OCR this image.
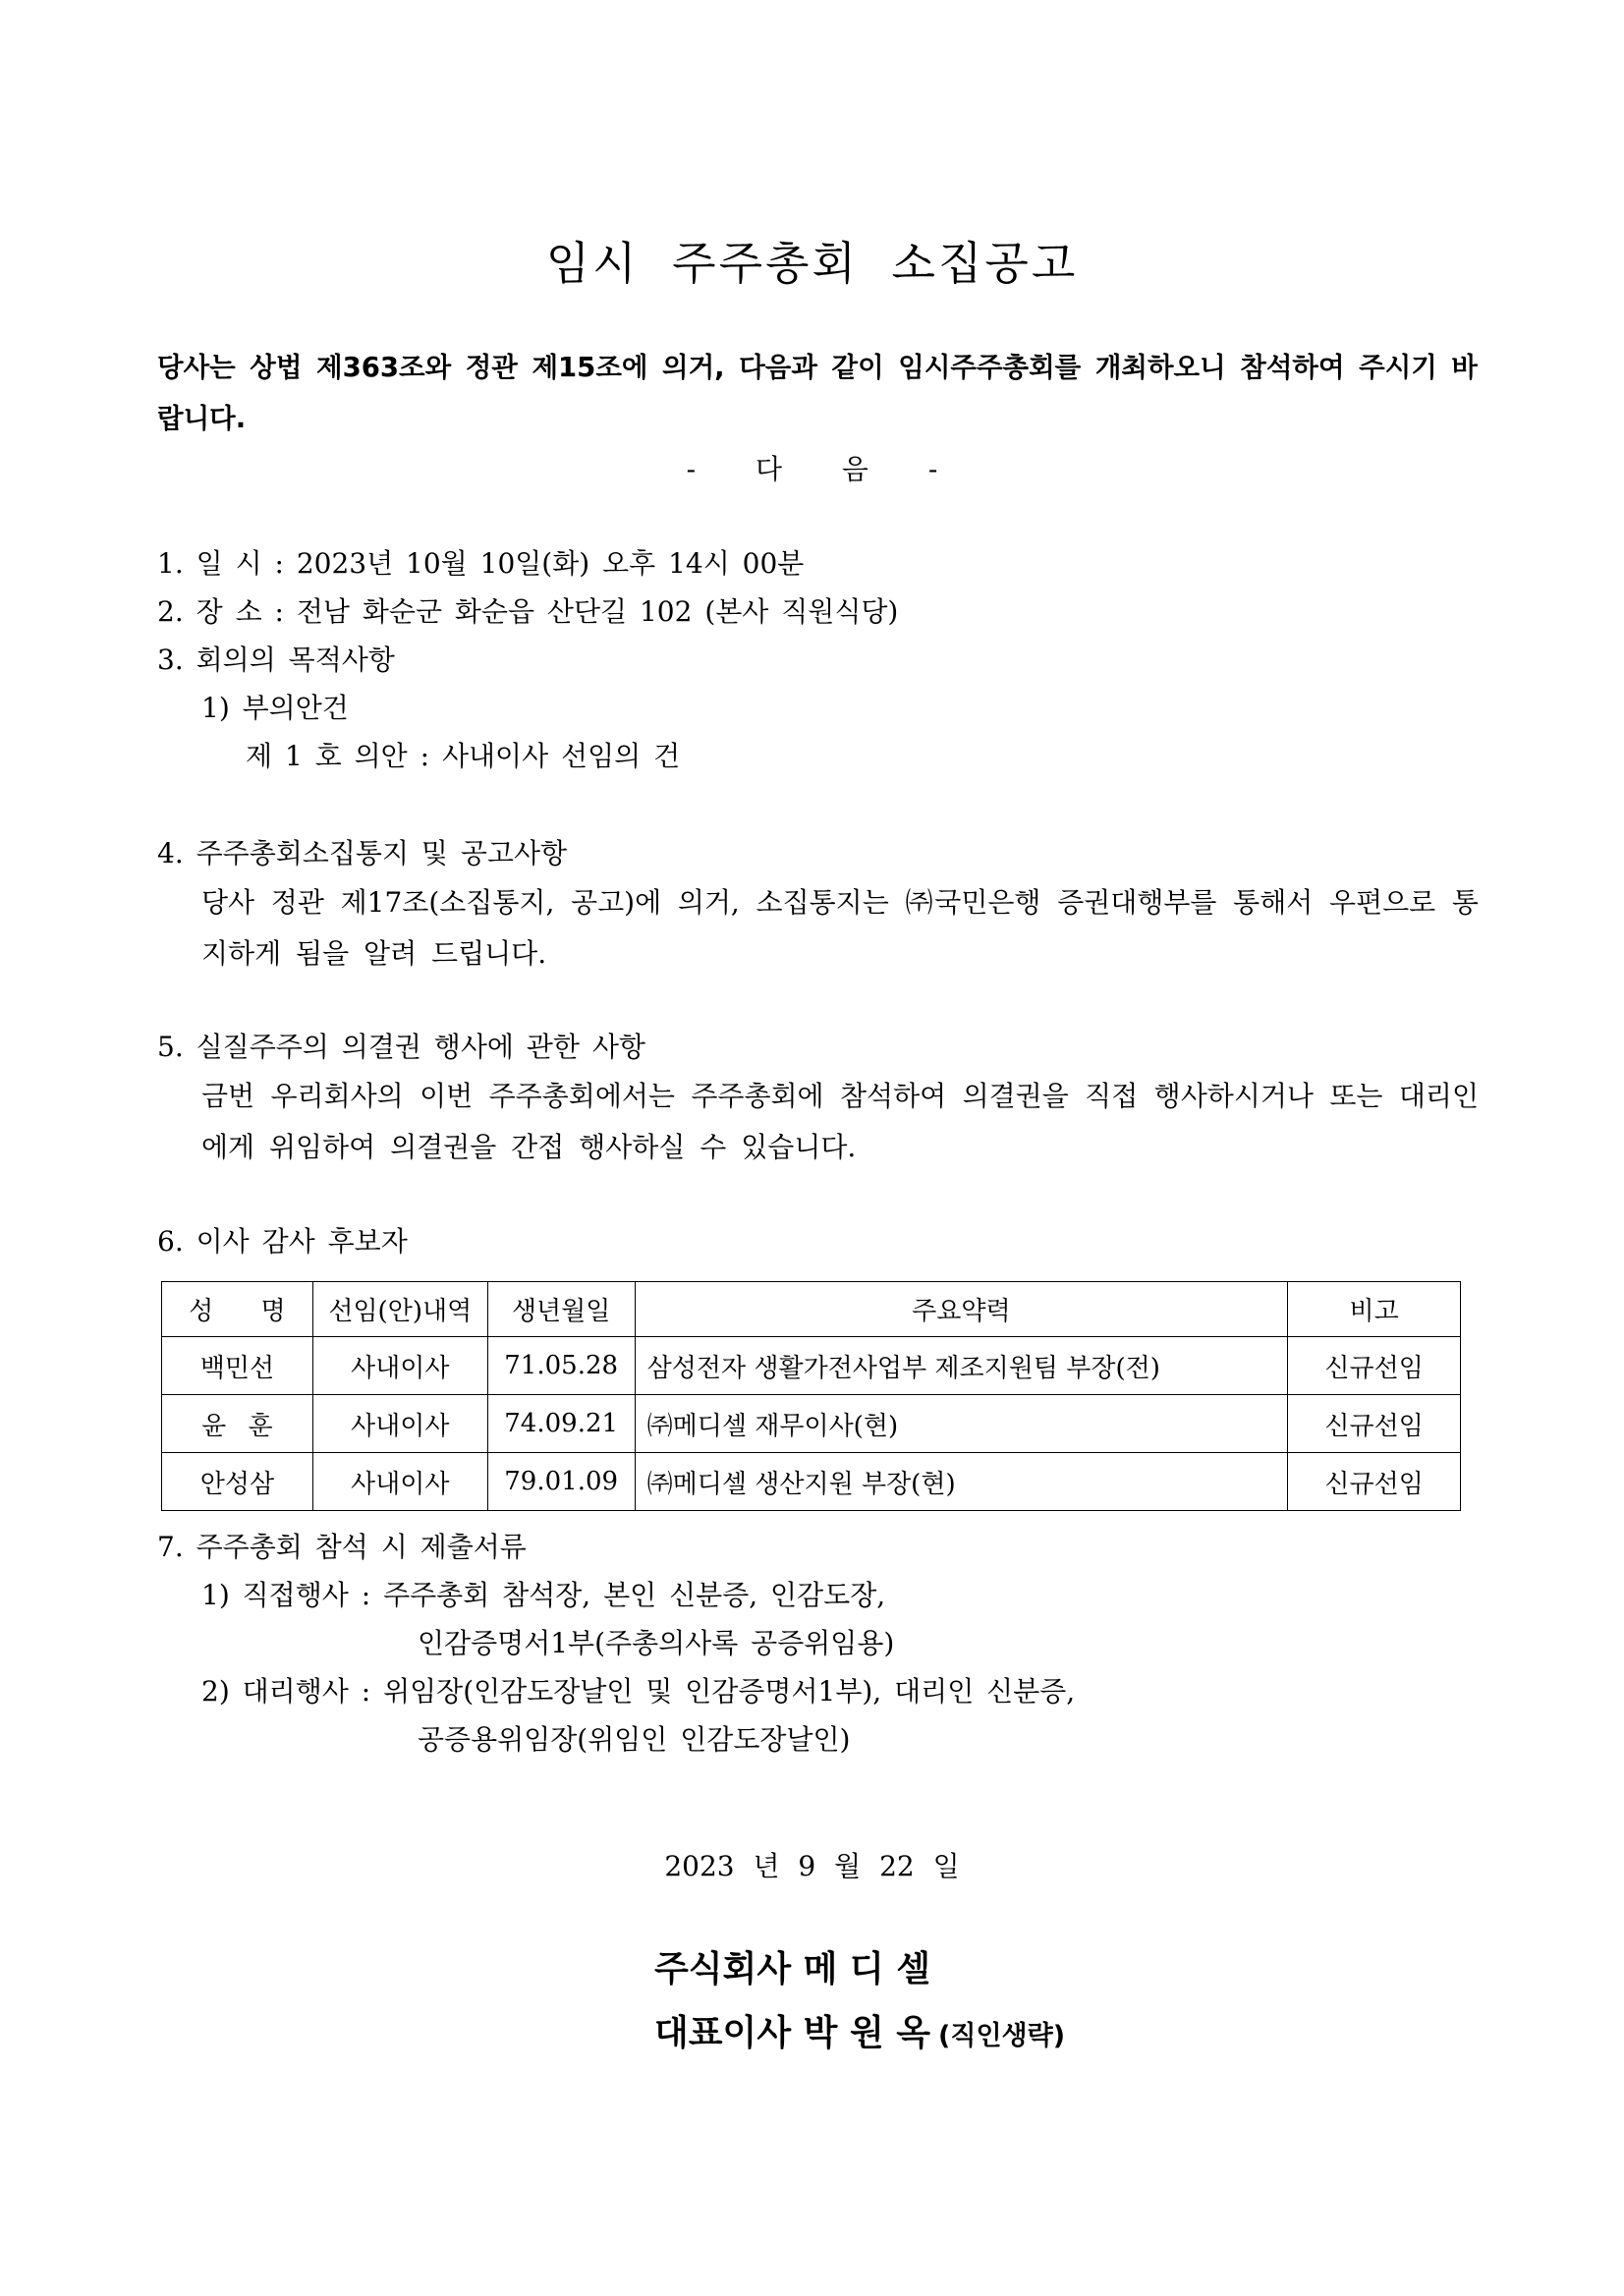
임시 주주총회 소집공고

당사는 상법 제363조와 정관 제15조에 의거, 다음과 같이 임시주주총회를 개최하오니 참석하여 주시기 바랍니다.

- 다 음 -
1. 일 시 : 2023년 10월 10일(화) 오후 14시 00분
2. 장 소 : 전남 화순군 화순읍 산단길 102 (본사 직원식당)
3. 회의의 목적사항
1) 부의안건
제 1 호 의안 : 사내이사 선임의 건
4. 주주총회소집통지 및 공고사항

당사 정관 제17조(소집통지, 공고)에 의거, 소집통지는 ㈜국민은행 증권대행부를 통해서 우편으로 통지하게 됨을 알려 드립니다.

5. 실질주주의 의결권 행사에 관한 사항

금번 우리회사의 이번 주주총회에서는 주주총회에 참석하여 의결권을 직접 행사하시거나 또는 대리인에게 위임하여 의결권을 간접 행사하실 수 있습니다.

6. 이사 감사 후보자
성 명	선임(안)내역	생년월일	주요약력	비고
백민선	사내이사	71.05.28	삼성전자 생활가전사업부 제조지원팀 부장(전)	신규선임
윤 훈	사내이사	74.09.21	㈜메디셀 재무이사(현)	신규선임
안성삼	사내이사	79.01.09	㈜메디셀 생산지원 부장(현)	신규선임
7. 주주총회 참석 시 제출서류
1) 직접행사 : 주주총회 참석장, 본인 신분증, 인감도장,
인감증명서1부(주총의사록 공증위임용)
2) 대리행사 : 위임장(인감도장날인 및 인감증명서1부), 대리인 신분증,
공증용위임장(위임인 인감도장날인)
2023 년 9 월 22 일
주식회사 메 디 셀
대표이사 박 원 옥 (직인생략)
